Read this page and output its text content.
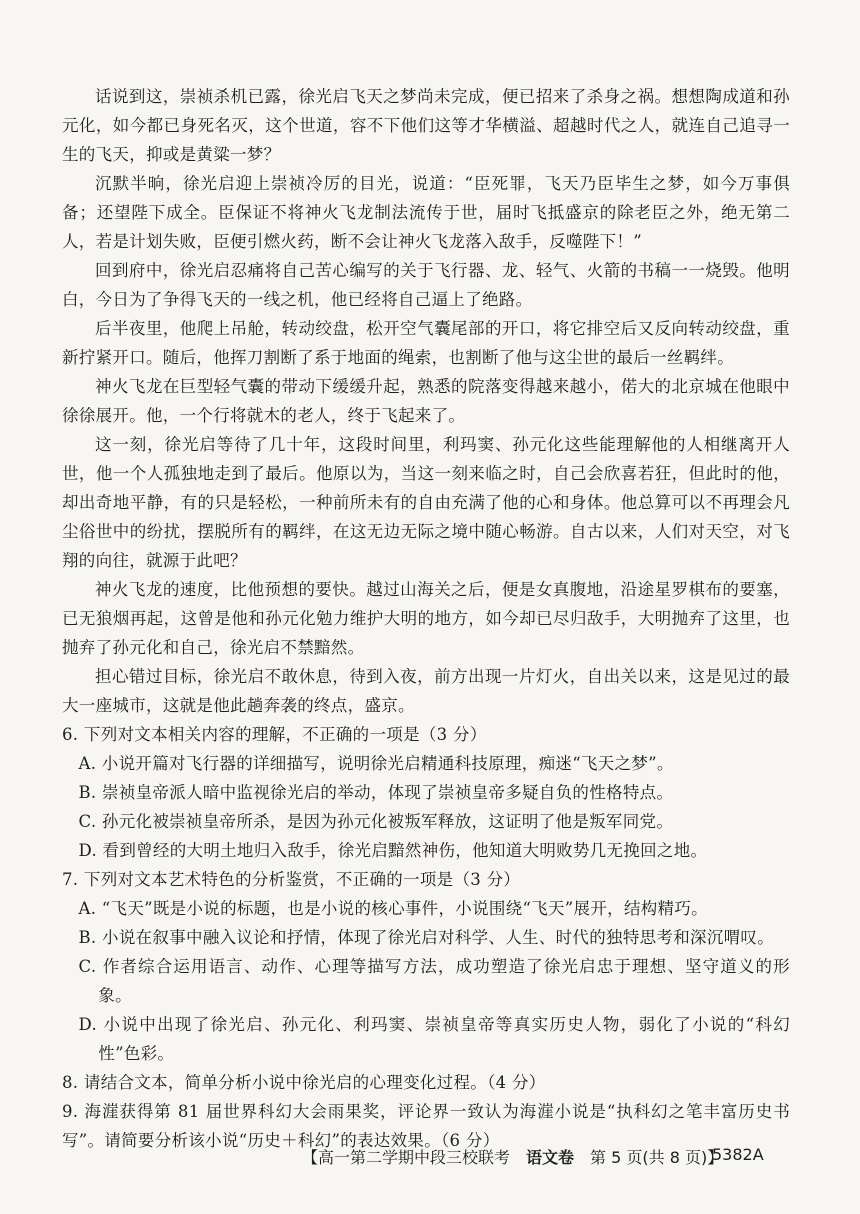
话说到这，崇祯杀机已露，徐光启飞天之梦尚未完成，便已招来了杀身之祸。想想陶成道和孙元化，如今都已身死名灭，这个世道，容不下他们这等才华横溢、超越时代之人，就连自己追寻一生的飞天，抑或是黄粱一梦？

沉默半晌，徐光启迎上崇祯冷厉的目光，说道：“臣死罪，飞天乃臣毕生之梦，如今万事俱备；还望陛下成全。臣保证不将神火飞龙制法流传于世，届时飞抵盛京的除老臣之外，绝无第二人，若是计划失败，臣便引燃火药，断不会让神火飞龙落入敌手，反噬陛下！”

回到府中，徐光启忍痛将自己苦心编写的关于飞行器、龙、轻气、火箭的书稿一一烧毁。他明白，今日为了争得飞天的一线之机，他已经将自己逼上了绝路。

后半夜里，他爬上吊舱，转动绞盘，松开空气囊尾部的开口，将它排空后又反向转动绞盘，重新拧紧开口。随后，他挥刀割断了系于地面的绳索，也割断了他与这尘世的最后一丝羁绊。

神火飞龙在巨型轻气囊的带动下缓缓升起，熟悉的院落变得越来越小，偌大的北京城在他眼中徐徐展开。他，一个行将就木的老人，终于飞起来了。

这一刻，徐光启等待了几十年，这段时间里，利玛窦、孙元化这些能理解他的人相继离开人世，他一个人孤独地走到了最后。他原以为，当这一刻来临之时，自己会欣喜若狂，但此时的他，却出奇地平静，有的只是轻松，一种前所未有的自由充满了他的心和身体。他总算可以不再理会凡尘俗世中的纷扰，摆脱所有的羁绊，在这无边无际之境中随心畅游。自古以来，人们对天空，对飞翔的向往，就源于此吧？

神火飞龙的速度，比他预想的要快。越过山海关之后，便是女真腹地，沿途星罗棋布的要塞，已无狼烟再起，这曾是他和孙元化勉力维护大明的地方，如今却已尽归敌手，大明抛弃了这里，也抛弃了孙元化和自己，徐光启不禁黯然。

担心错过目标，徐光启不敢休息，待到入夜，前方出现一片灯火，自出关以来，这是见过的最大一座城市，这就是他此趟奔袭的终点，盛京。

6. 下列对文本相关内容的理解，不正确的一项是（3 分）

A. 小说开篇对飞行器的详细描写，说明徐光启精通科技原理，痴迷“飞天之梦”。

B. 崇祯皇帝派人暗中监视徐光启的举动，体现了崇祯皇帝多疑自负的性格特点。

C. 孙元化被崇祯皇帝所杀，是因为孙元化被叛军释放，这证明了他是叛军同党。

D. 看到曾经的大明土地归入敌手，徐光启黯然神伤，他知道大明败势几无挽回之地。

7. 下列对文本艺术特色的分析鉴赏，不正确的一项是（3 分）

A. “飞天”既是小说的标题，也是小说的核心事件，小说围绕“飞天”展开，结构精巧。

B. 小说在叙事中融入议论和抒情，体现了徐光启对科学、人生、时代的独特思考和深沉喟叹。

C. 作者综合运用语言、动作、心理等描写方法，成功塑造了徐光启忠于理想、坚守道义的形象。

D. 小说中出现了徐光启、孙元化、利玛窦、崇祯皇帝等真实历史人物，弱化了小说的“科幻性”色彩。

8. 请结合文本，简单分析小说中徐光启的心理变化过程。（4 分）

9. 海漄获得第 81 届世界科幻大会雨果奖，评论界一致认为海漄小说是“执科幻之笔丰富历史书写”。请简要分析该小说“历史＋科幻”的表达效果。（6 分）

【高一第二学期中段三校联考　语文卷　第 5 页(共 8 页)】
5382A
